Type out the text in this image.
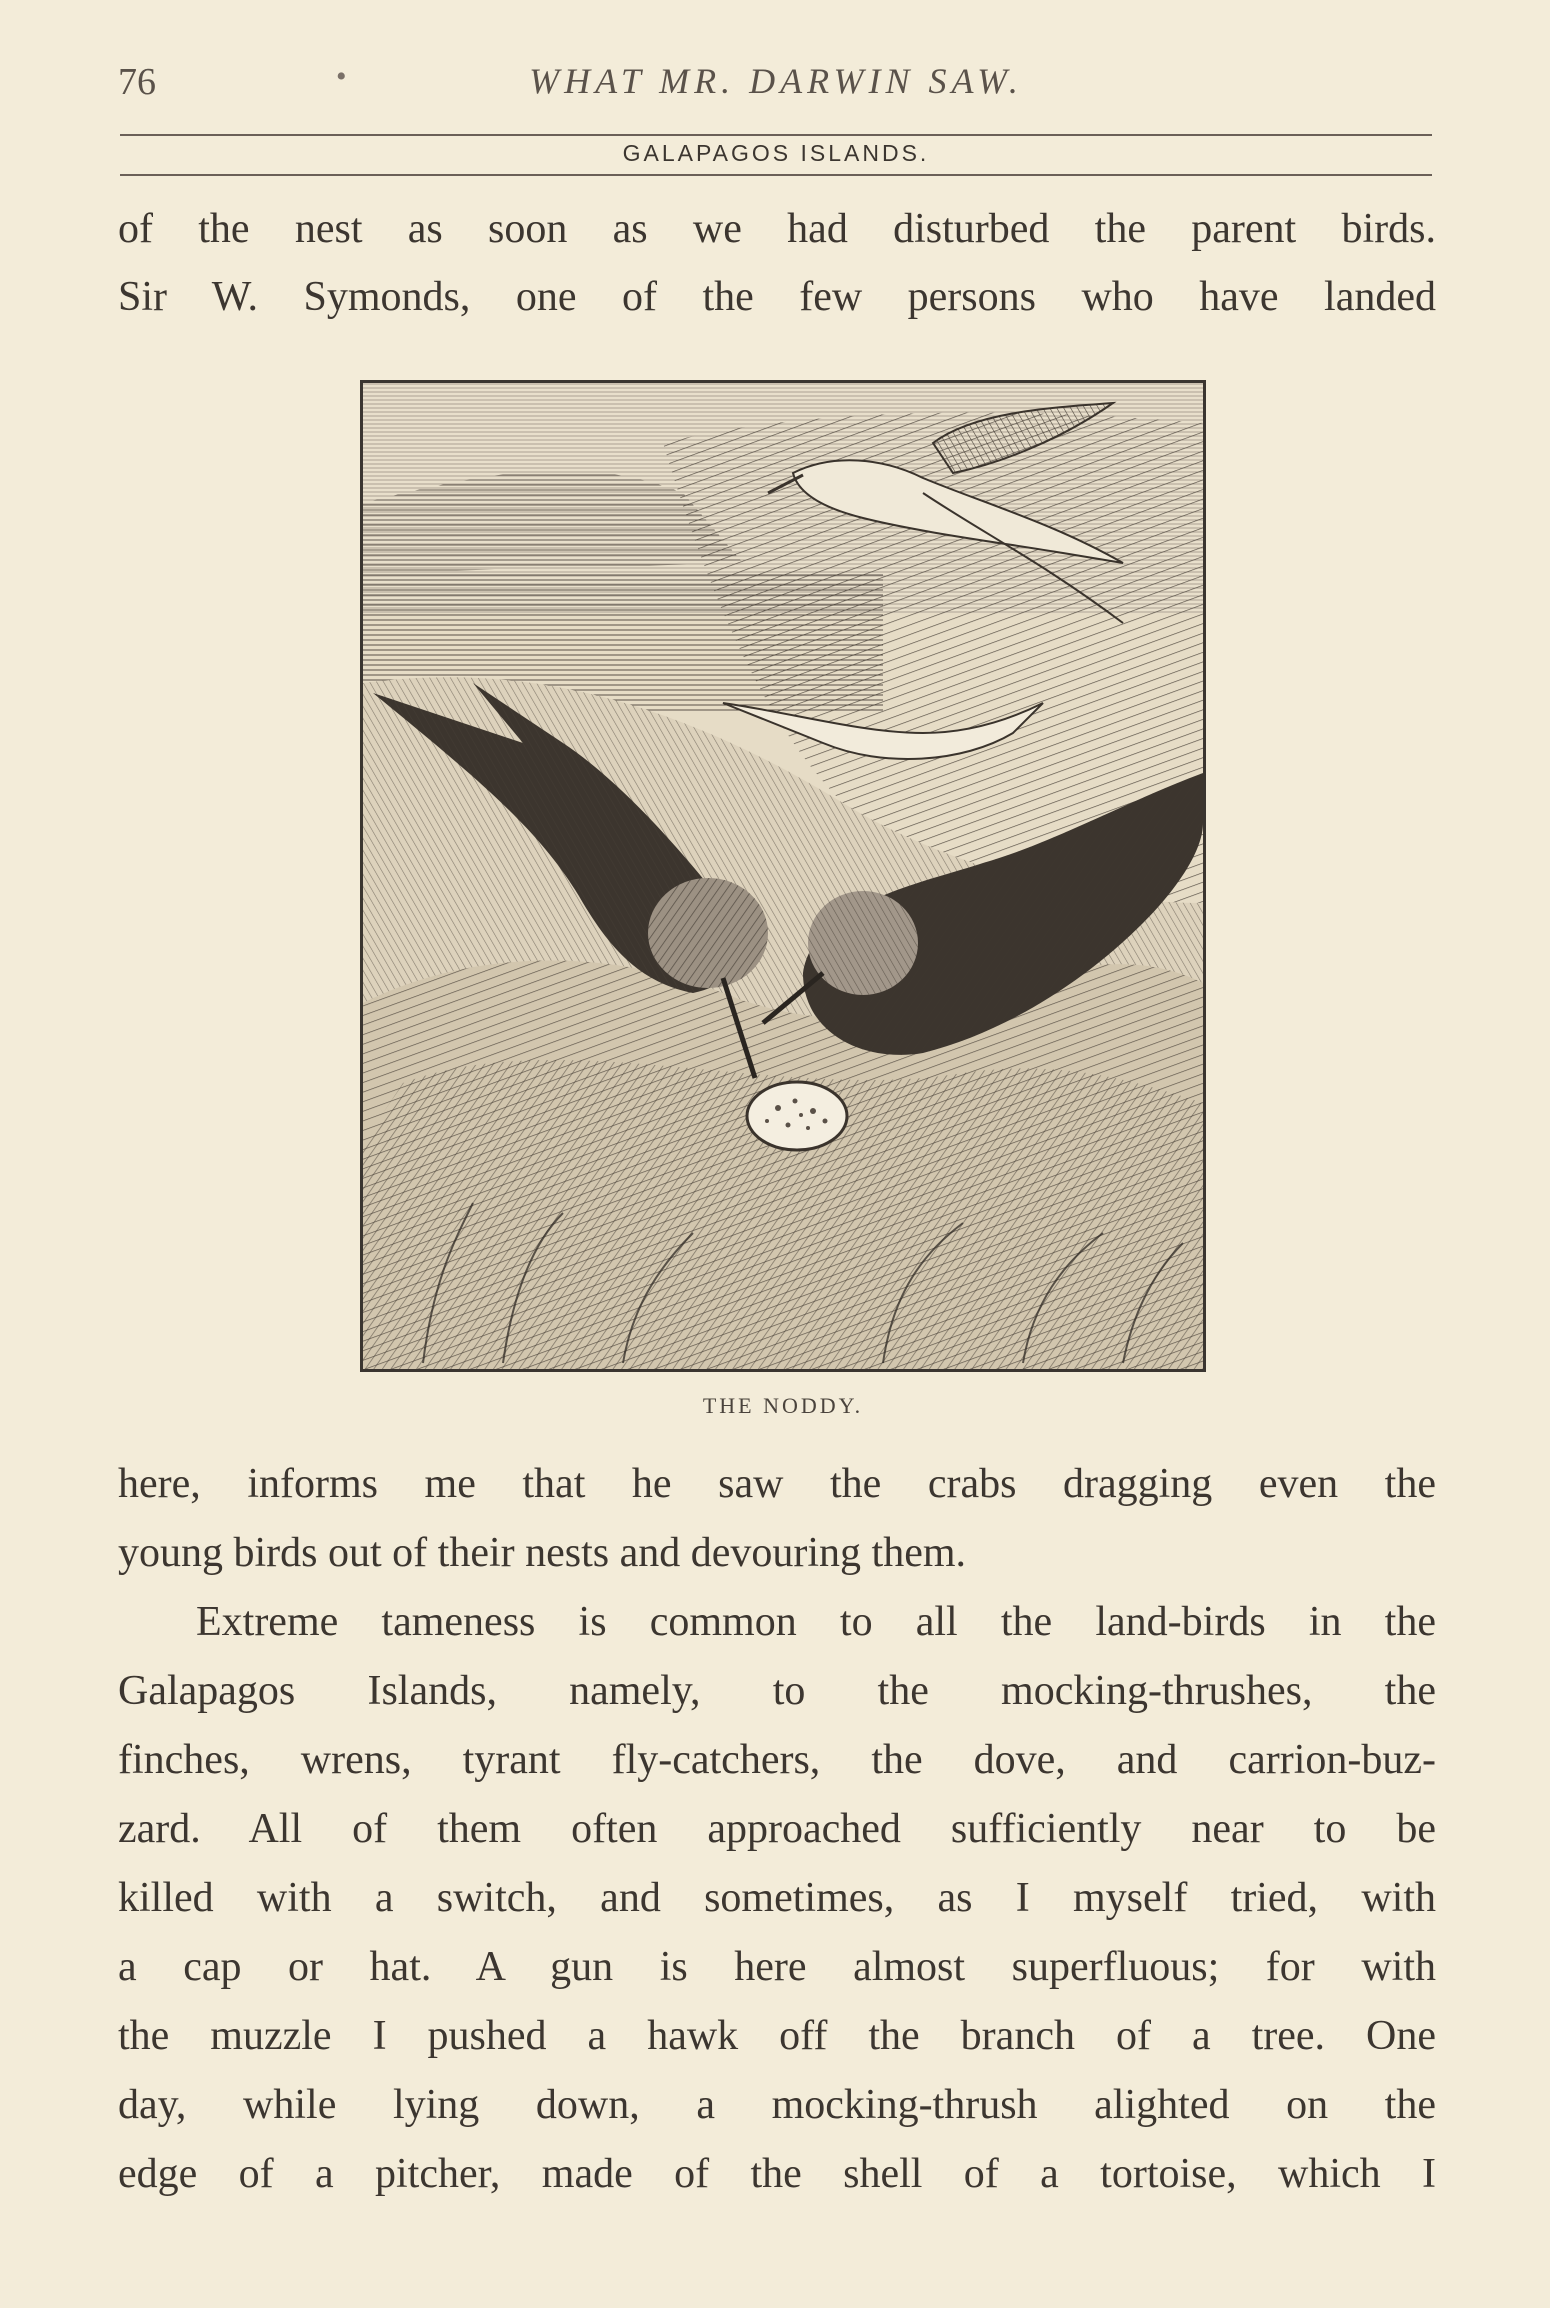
76	•	WHAT MR. DARWIN SAW.
GALAPAGOS ISLANDS.

of the nest as soon as we had disturbed the parent birds.

Sir W. Symonds, one of the few persons who have landed

THE NODDY.

here, informs me that he saw the crabs dragging even the

young birds out of their nests and devouring them.

Extreme tameness is common to all the land-birds in the

Galapagos Islands, namely, to the mocking-thrushes, the

finches, wrens, tyrant fly-catchers, the dove, and carrion-buz-

zard. All of them often approached sufficiently near to be

killed with a switch, and sometimes, as I myself tried, with

a cap or hat. A gun is here almost superfluous; for with

the muzzle I pushed a hawk off the branch of a tree. One

day, while lying down, a mocking-thrush alighted on the

edge of a pitcher, made of the shell of a tortoise, which I
